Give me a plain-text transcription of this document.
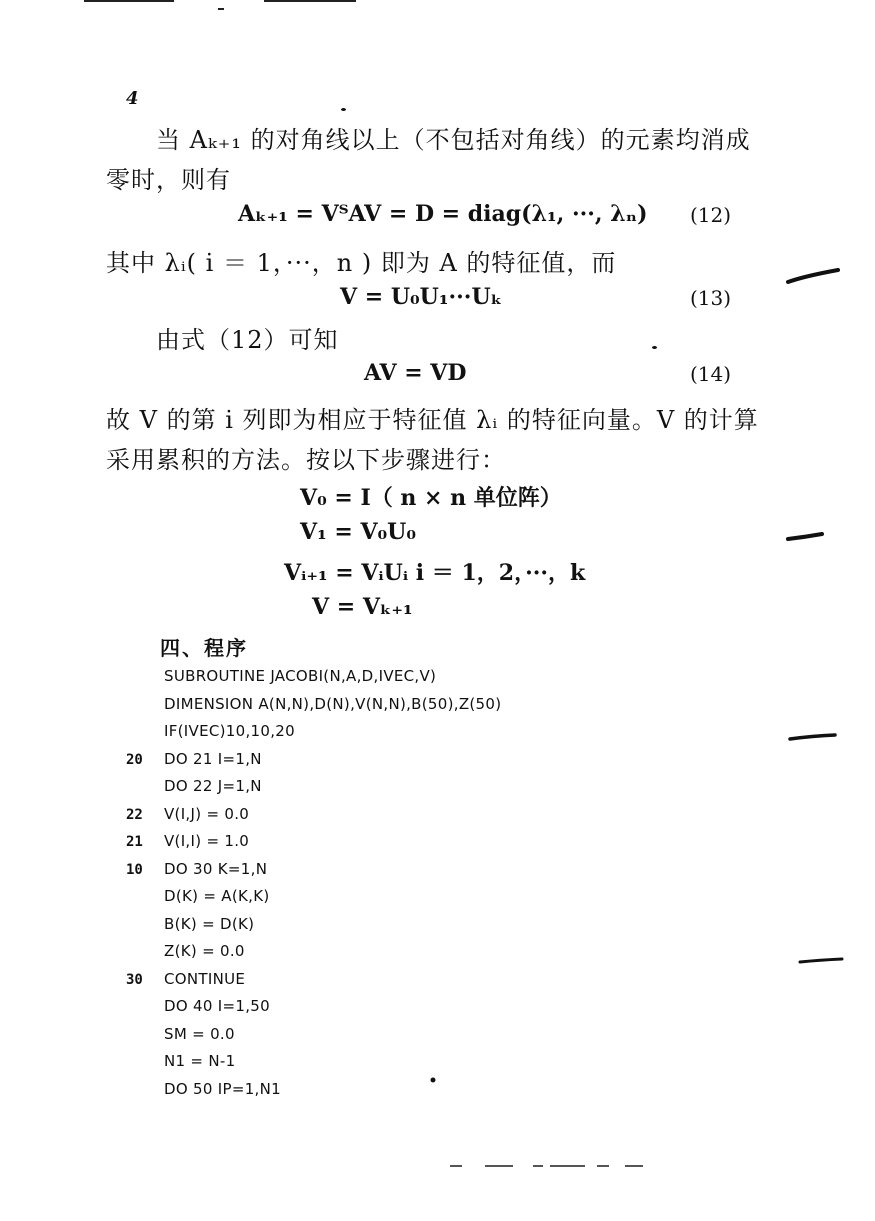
4
当 Aₖ₊₁ 的对角线以上（不包括对角线）的元素均消成
零时，则有
Aₖ₊₁ = VᵀAV = D = diag(λ₁, ···, λₙ) (12)
其中 λᵢ( i ＝ 1，···，n ) 即为 A 的特征值，而
V = U₀U₁···Uₖ	(13)
由式（12）可知
AV = VD	(14)
故 V 的第 i 列即为相应于特征值 λᵢ 的特征向量。V 的计算
采用累积的方法。按以下步骤进行：
V₀ = I（ n × n 单位阵）
V₁ = V₀U₀
Vᵢ₊₁ = VᵢUᵢ i ＝ 1，2，···，k
V = Vₖ₊₁
四、程序
SUBROUTINE JACOBI(N,A,D,IVEC,V)
DIMENSION A(N,N),D(N),V(N,N),B(50),Z(50)
IF(IVEC)10,10,20
20	DO 21 I=1,N
DO 22 J=1,N
22	V(I,J) = 0.0
21	V(I,I) = 1.0
10	DO 30 K=1,N
D(K) = A(K,K)
B(K) = D(K)
Z(K) = 0.0
30	CONTINUE
DO 40 I=1,50
SM = 0.0
N1 = N-1
DO 50 IP=1,N1
